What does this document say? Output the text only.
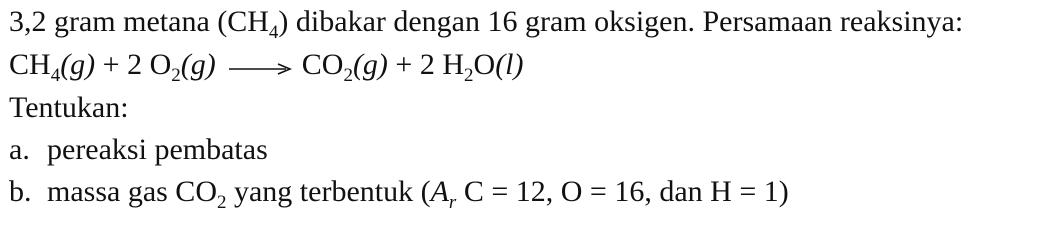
3,2 gram metana $(CH_4)$ dibakar dengan 16 gram oksigen. Persamaan reaksinya:
$CH_4(g) + 2$ $O_2(g) \to CO_2(g) + 2$ $H_2O(l)$
Tentukan:
a. pereaksi pembatas
b. massa gas $CO_2$ yang terbentuk ($A_r$ C = 12, O = 16, dan H = 1)
